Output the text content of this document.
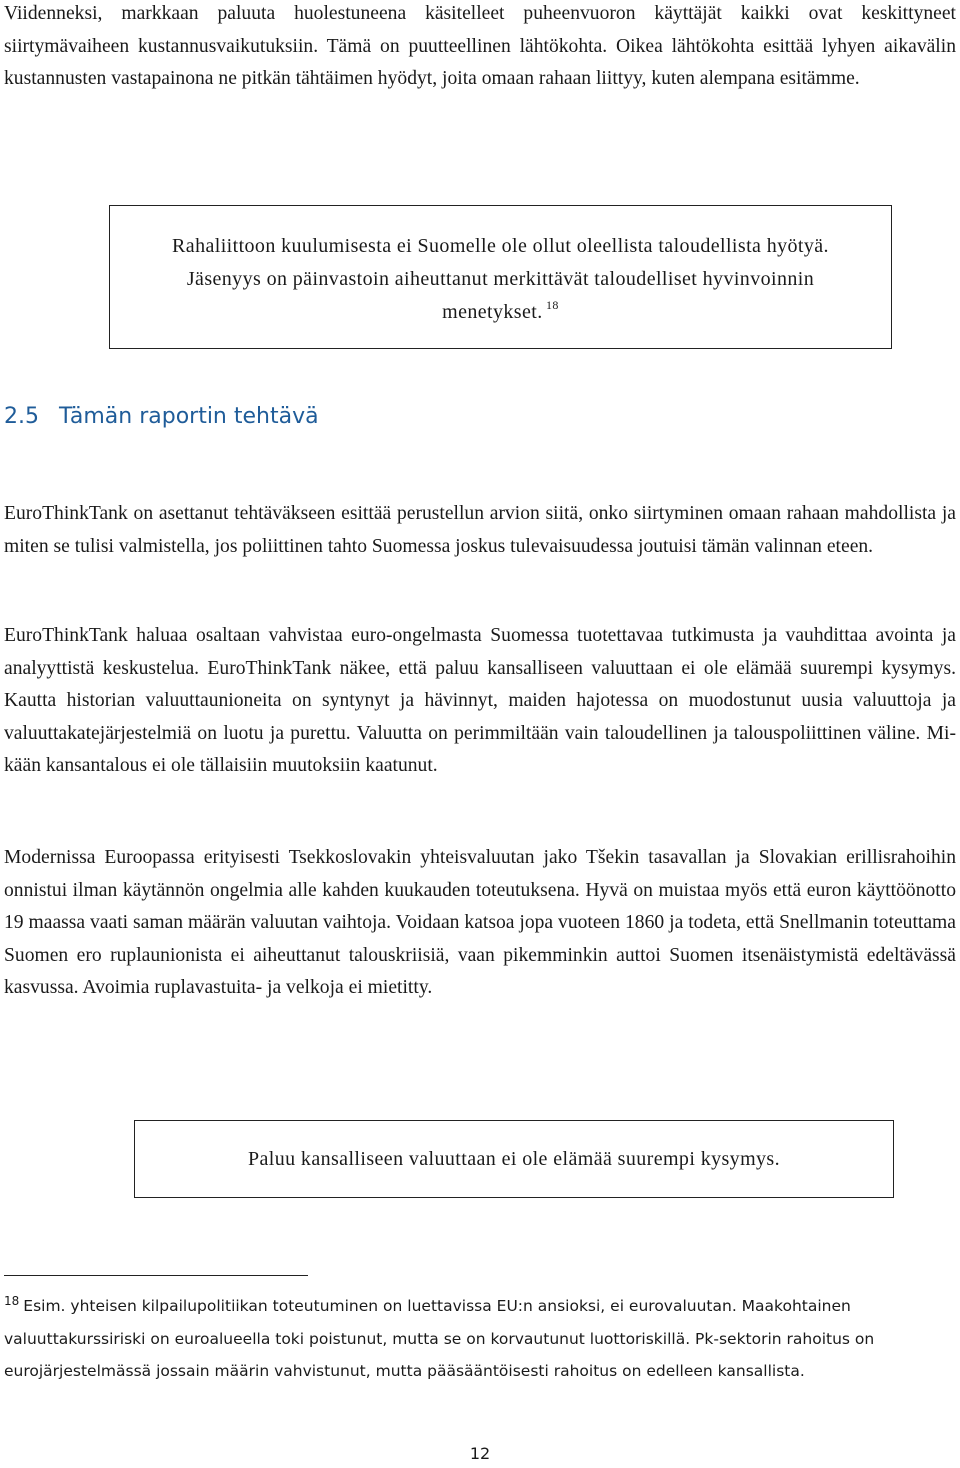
Viidenneksi, markkaan paluuta huolestuneena käsitelleet puheenvuoron käyttäjät kaikki ovat keskittyneet siirtymävaiheen kustannusvaikutuksiin. Tämä on puutteellinen lähtökohta. Oikea lähtökohta esittää lyhyen aikavälin kustannusten vastapainona ne pitkän tähtäimen hyödyt, joita omaan rahaan liittyy, kuten alempana esitämme.

Rahaliittoon kuulumisesta ei Suomelle ole ollut oleellista taloudellista hyötyä. Jäsenyys on päinvastoin aiheuttanut merkittävät taloudelliset hyvinvoinnin menetykset. $^{18}$

2.5 Tämän raportin tehtävä

EuroThinkTank on asettanut tehtäväkseen esittää perustellun arvion siitä, onko siirtyminen omaan rahaan mahdollista ja miten se tulisi valmistella, jos poliittinen tahto Suomessa joskus tulevaisuudessa joutuisi tämän valinnan eteen.

EuroThinkTank haluaa osaltaan vahvistaa euro-ongelmasta Suomessa tuotettavaa tutkimusta ja vauhdittaa avointa ja analyyttistä keskustelua. EuroThinkTank näkee, että paluu kansalliseen valuuttaan ei ole elämää suurempi kysymys. Kautta historian valuuttaunioneita on syntynyt ja hävinnyt, maiden hajotessa on muodostunut uusia valuuttoja ja valuuttakatejärjestelmiä on luotu ja purettu. Valuutta on perimmiltään vain taloudellinen ja talouspoliittinen väline. Mikään kansantalous ei ole tällaisiin muutoksiin kaatunut.

Modernissa Euroopassa erityisesti Tsekkoslovakin yhteisvaluutan jako Tšekin tasavallan ja Slovakian erillisrahoihin onnistui ilman käytännön ongelmia alle kahden kuukauden toteutuksena. Hyvä on muistaa myös että euron käyttöönotto 19 maassa vaati saman määrän valuutan vaihtoja. Voidaan katsoa jopa vuoteen 1860 ja todeta, että Snellmanin toteuttama Suomen ero ruplaunionista ei aiheuttanut talouskriisiä, vaan pikemminkin auttoi Suomen itsenäistymistä edeltävässä kasvussa. Avoimia ruplavastuita- ja velkoja ei mietitty.

Paluu kansalliseen valuuttaan ei ole elämää suurempi kysymys.

$^{18}$ Esim. yhteisen kilpailupolitiikan toteutuminen on luettavissa EU:n ansioksi, ei eurovaluutan. Maakohtainen valuuttakurssiriski on euroalueella toki poistunut, mutta se on korvautunut luottoriskillä. Pk-sektorin rahoitus on eurojärjestelmässä jossain määrin vahvistunut, mutta pääsääntöisesti rahoitus on edelleen kansallista.

12
